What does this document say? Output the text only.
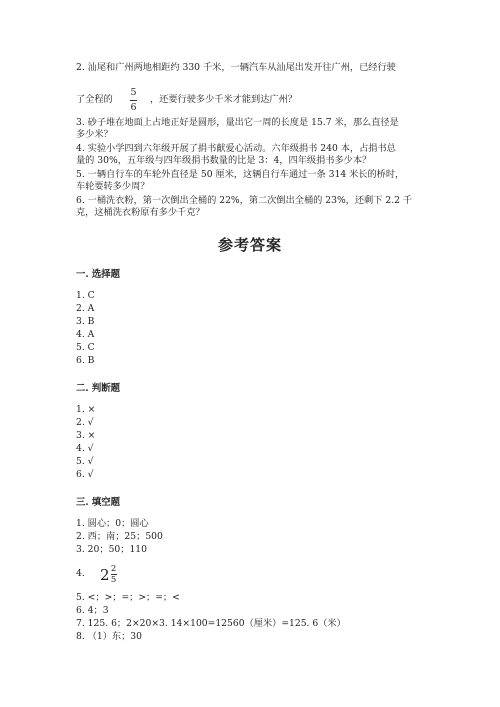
2. 汕尾和广州两地相距约 330 千米，一辆汽车从汕尾出发开往广州，已经行驶
了全程的
5
6
，还要行驶多少千米才能到达广州？
3. 砂子堆在地面上占地正好是圆形，量出它一周的长度是 15.7 米，那么直径是
多少米？
4. 实验小学四到六年级开展了捐书献爱心活动。六年级捐书 240 本，占捐书总
量的 30%，五年级与四年级捐书数量的比是 3：4，四年级捐书多少本？
5. 一辆自行车的车轮外直径是 50 厘米，这辆自行车通过一条 314 米长的桥时，
车轮要转多少周？
6. 一桶洗衣粉，第一次倒出全桶的 22%，第二次倒出全桶的 23%，还剩下 2.2 千
克，这桶洗衣粉原有多少千克？
参考答案
一. 选择题
1. C
2. A
3. B
4. A
5. C
6. B
二. 判断题
1. ×
2. √
3. ×
4. √
5. √
6. √
三. 填空题
1. 圆心；0；圆心
2. 西；南；25；500
3. 20；50；110
4. 2 2
5
5. <；>；=；>；=；<
6. 4；3
7. 125. 6；2×20×3. 14×100=12560（厘米）=125. 6（米）
8. （1）东；30
